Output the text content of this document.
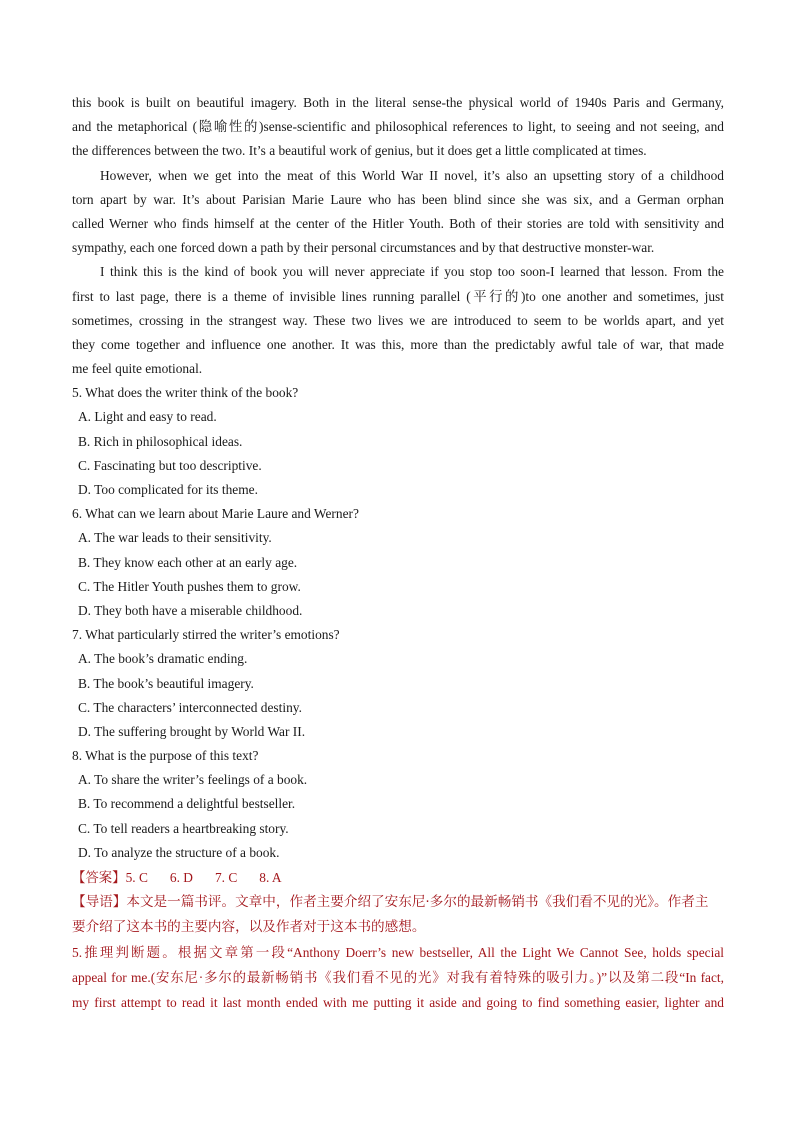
this book is built on beautiful imagery. Both in the literal sense-the physical world of 1940s Paris and Germany,
and the metaphorical (隐喻性的)sense-scientific and philosophical references to light, to seeing and not seeing, and
the differences between the two. It’s a beautiful work of genius, but it does get a little complicated at times.
However, when we get into the meat of this World War II novel, it’s also an upsetting story of a childhood
torn apart by war. It’s about Parisian Marie Laure who has been blind since she was six, and a German orphan
called Werner who finds himself at the center of the Hitler Youth. Both of their stories are told with sensitivity and
sympathy, each one forced down a path by their personal circumstances and by that destructive monster-war.
I think this is the kind of book you will never appreciate if you stop too soon-I learned that lesson. From the
first to last page, there is a theme of invisible lines running parallel (平行的)to one another and sometimes, just
sometimes, crossing in the strangest way. These two lives we are introduced to seem to be worlds apart, and yet
they come together and influence one another. It was this, more than the predictably awful tale of war, that made
me feel quite emotional.
5. What does the writer think of the book?
A. Light and easy to read.
B. Rich in philosophical ideas.
C. Fascinating but too descriptive.
D. Too complicated for its theme.
6. What can we learn about Marie Laure and Werner?
A. The war leads to their sensitivity.
B. They know each other at an early age.
C. The Hitler Youth pushes them to grow.
D. They both have a miserable childhood.
7. What particularly stirred the writer’s emotions?
A. The book’s dramatic ending.
B. The book’s beautiful imagery.
C. The characters’ interconnected destiny.
D. The suffering brought by World War II.
8. What is the purpose of this text?
A. To share the writer’s feelings of a book.
B. To recommend a delightful bestseller.
C. To tell readers a heartbreaking story.
D. To analyze the structure of a book.
【答案】5. C 6. D 7. C 8. A
【导语】本文是一篇书评。文章中，作者主要介绍了安东尼·多尔的最新畅销书《我们看不见的光》。作者主
要介绍了这本书的主要内容，以及作者对于这本书的感想。
5.推理判断题。根据文章第一段“Anthony Doerr’s new bestseller, All the Light We Cannot See, holds special
appeal for me.(安东尼·多尔的最新畅销书《我们看不见的光》对我有着特殊的吸引力。)”以及第二段“In fact,
my first attempt to read it last month ended with me putting it aside and going to find something easier, lighter and
